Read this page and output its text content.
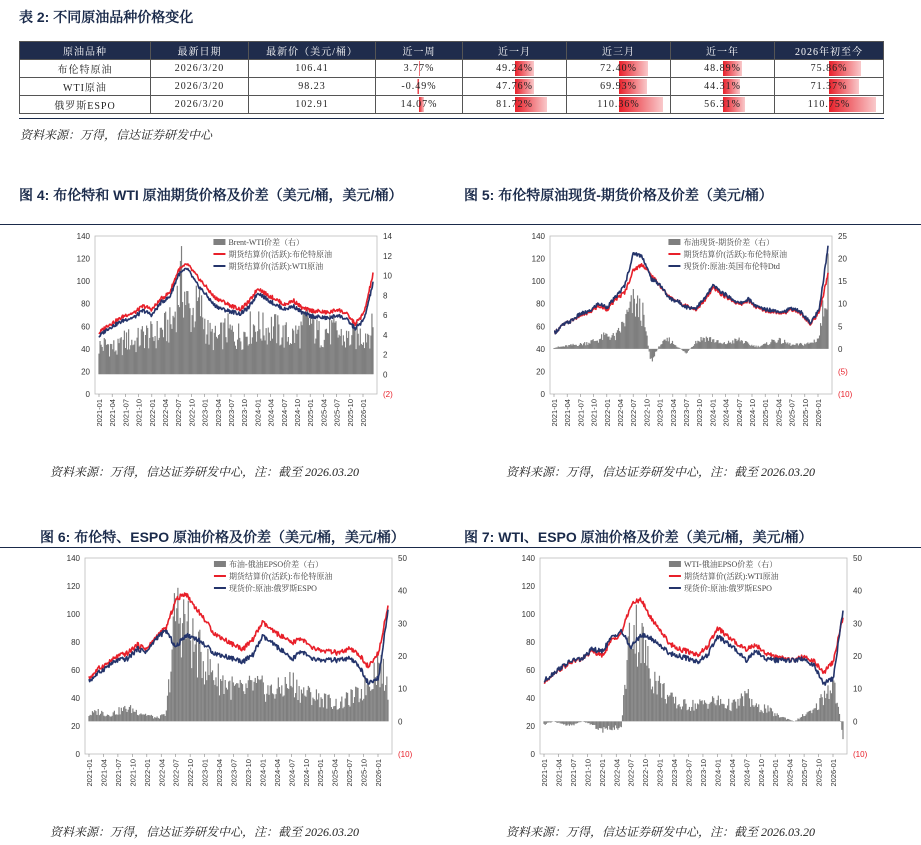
表 2: 不同原油品种价格变化
原油品种	最新日期	最新价（美元/桶）	近一周	近一月	近三月	近一年	2026年初至今
布伦特原油	2026/3/20	106.41	3.77%	49.24%	72.40%	48.89%	75.86%
WTI原油	2026/3/20	98.23	-0.49%	47.76%	69.93%	44.31%	71.37%
俄罗斯ESPO	2026/3/20	102.91	14.07%	81.72%	110.36%	56.31%	110.75%
资料来源：万得，信达证券研发中心
图 4: 布伦特和 WTI 原油期货价格及价差（美元/桶，美元/桶）	图 5: 布伦特原油现货-期货价格及价差（美元/桶）
资料来源：万得，信达证券研发中心，注：截至 2026.03.20	资料来源：万得，信达证券研发中心，注：截至 2026.03.20
图 6: 布伦特、ESPO 原油价格及价差（美元/桶，美元/桶）	图 7: WTI、ESPO 原油价格及价差（美元/桶，美元/桶）
资料来源：万得，信达证券研发中心，注：截至 2026.03.20	资料来源：万得，信达证券研发中心，注：截至 2026.03.20
0
20
40
60
80
100
120
140
(2)
0
2
4
6
8
10
12
14
2021-01 2021-04 2021-07 2021-10 2022-01 2022-04 2022-07 2022-10 2023-01 2023-04 2023-07 2023-10 2024-01 2024-04 2024-07 2024-10 2025-01 2025-04 2025-07 2025-10 2026-01
Brent-WTI价差（右）
期货结算价(活跃):布伦特原油
期货结算价(活跃):WTI原油
0
20
40
60
80
100
120
140
(10)
(5)
0
5
10
15
20
25
2021-01 2021-04 2021-07 2021-10 2022-01 2022-04 2022-07 2022-10 2023-01 2023-04 2023-07 2023-10 2024-01 2024-04 2024-07 2024-10 2025-01 2025-04 2025-07 2025-10 2026-01
布油现货-期货价差（右）
期货结算价(活跃):布伦特原油
现货价:原油:英国布伦特Dtd
0
20
40
60
80
100
120
140
(10)
0
10
20
30
40
50
2021-01 2021-04 2021-07 2021-10 2022-01 2022-04 2022-07 2022-10 2023-01 2023-04 2023-07 2023-10 2024-01 2024-04 2024-07 2024-10 2025-01 2025-04 2025-07 2025-10 2026-01
布油-俄油EPSO价差（右）
期货结算价(活跃):布伦特原油
现货价:原油:俄罗斯ESPO
0
20
40
60
80
100
120
140
(10)
0
10
20
30
40
50
2021-01 2021-04 2021-07 2021-10 2022-01 2022-04 2022-07 2022-10 2023-01 2023-04 2023-07 2023-10 2024-01 2024-04 2024-07 2024-10 2025-01 2025-04 2025-07 2025-10 2026-01
WTI-俄油EPSO价差（右）
期货结算价(活跃):WTI原油
现货价:原油:俄罗斯ESPO
